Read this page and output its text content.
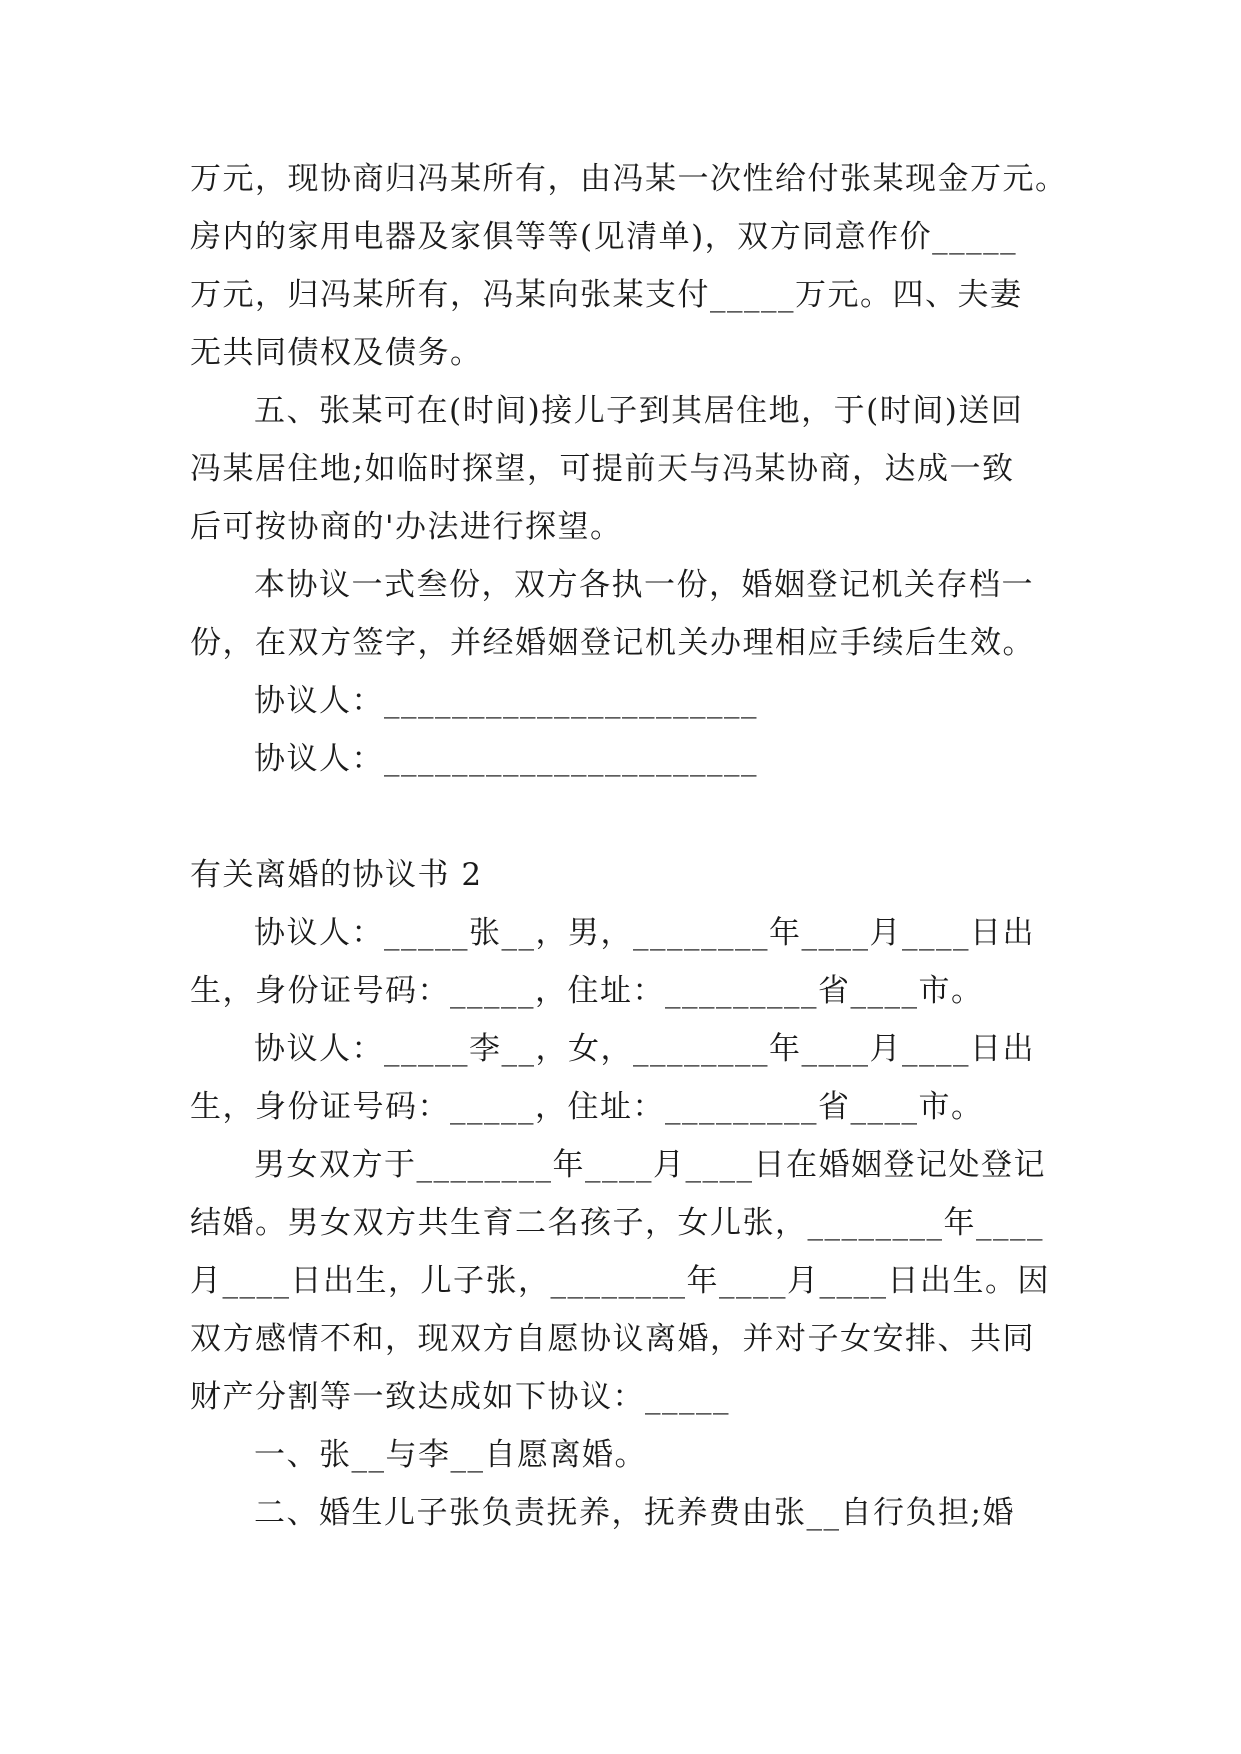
万元，现协商归冯某所有，由冯某一次性给付张某现金万元。
房内的家用电器及家俱等等(见清单)，双方同意作价_____
万元，归冯某所有，冯某向张某支付_____万元。四、夫妻
无共同债权及债务。
五、张某可在(时间)接儿子到其居住地，于(时间)送回
冯某居住地;如临时探望，可提前天与冯某协商，达成一致
后可按协商的'办法进行探望。
本协议一式叁份，双方各执一份，婚姻登记机关存档一
份，在双方签字，并经婚姻登记机关办理相应手续后生效。
协议人：______________________
协议人：______________________
有关离婚的协议书 2
协议人：_____张__，男，________年____月____日出
生，身份证号码：_____，住址：_________省____市。
协议人：_____李__，女，________年____月____日出
生，身份证号码：_____，住址：_________省____市。
男女双方于________年____月____日在婚姻登记处登记
结婚。男女双方共生育二名孩子，女儿张，________年____
月____日出生，儿子张，________年____月____日出生。因
双方感情不和，现双方自愿协议离婚，并对子女安排、共同
财产分割等一致达成如下协议：_____
一、张__与李__自愿离婚。
二、婚生儿子张负责抚养，抚养费由张__自行负担;婚
